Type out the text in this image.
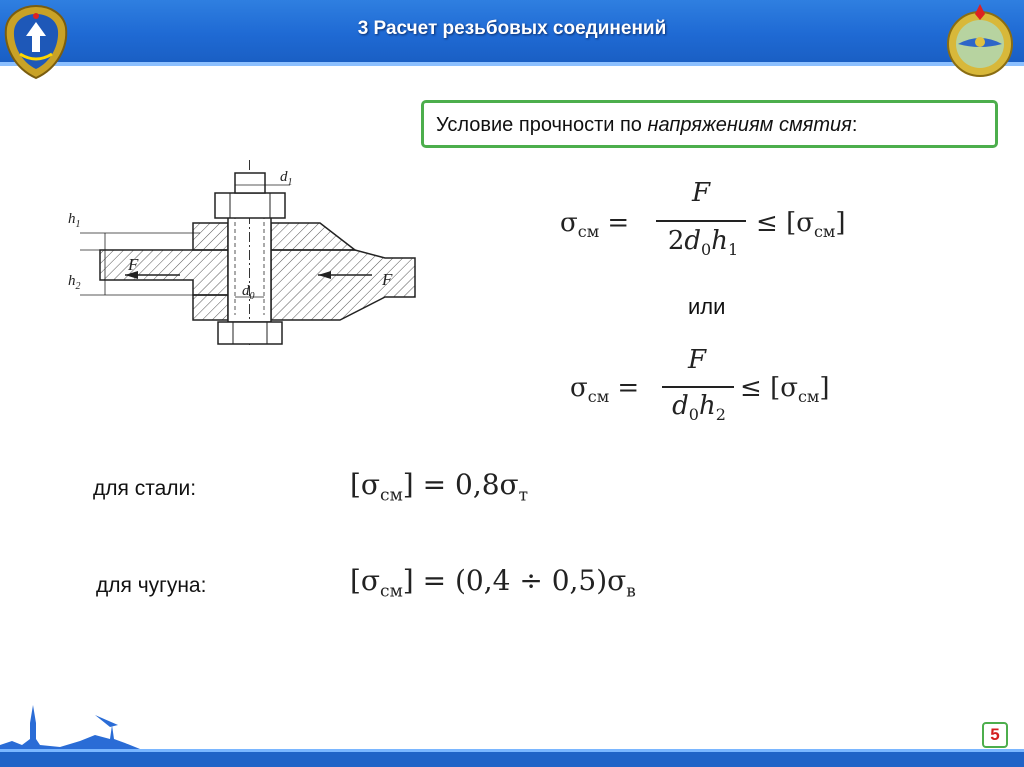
3 Расчет резьбовых соединений
Условие прочности по напряжениям смятия:
$h_1$
$h_2$
$d_1$
$d_0$
F
F
$\sigma_{см}$ =
F
$2d_0h_1$
≤ $[\sigma_{см}]$
или
$\sigma_{см}$ =
F
$d_0h_2$
≤ $[\sigma_{см}]$
для стали:	$[\sigma_{см}] = 0,8\sigma_т$
для чугуна:	$[\sigma_{см}] = (0,4 \div 0,5)\sigma_в$
5
